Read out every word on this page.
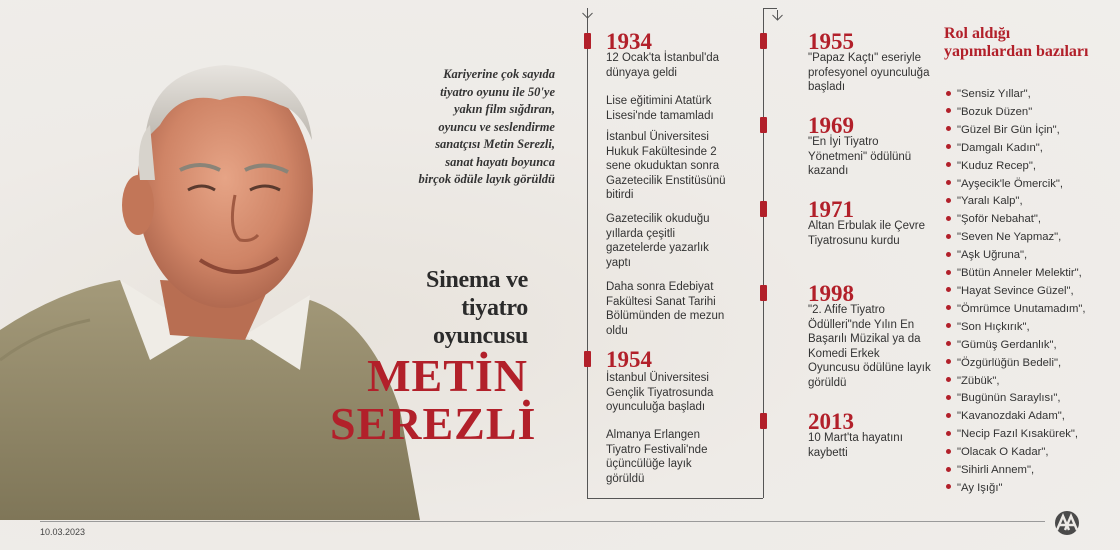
Kariyerine çok sayıda tiyatro oyunu ile 50'ye yakın film sığdıran, oyuncu ve seslendirme sanatçısı Metin Serezli, sanat hayatı boyunca birçok ödüle layık görüldü
Sinema ve tiyatro oyuncusu
METİN SEREZLİ
1934
12 Ocak'ta İstanbul'da dünyaya geldi
Lise eğitimini Atatürk Lisesi'nde tamamladı
İstanbul Üniversitesi Hukuk Fakültesinde 2 sene okuduktan sonra Gazetecilik Enstitüsünü bitirdi
Gazetecilik okuduğu yıllarda çeşitli gazetelerde yazarlık yaptı
Daha sonra Edebiyat Fakültesi Sanat Tarihi Bölümünden de mezun oldu
1954
İstanbul Üniversitesi Gençlik Tiyatrosunda oyunculuğa başladı
Almanya Erlangen Tiyatro Festivali'nde üçüncülüğe layık görüldü
1955
"Papaz Kaçtı" eseriyle profesyonel oyunculuğa başladı
1969
"En İyi Tiyatro Yönetmeni" ödülünü kazandı
1971
Altan Erbulak ile Çevre Tiyatrosunu kurdu
1998
"2. Afife Tiyatro Ödülleri"nde Yılın En Başarılı Müzikal ya da Komedi Erkek Oyuncusu ödülüne layık görüldü
2013
10 Mart'ta hayatını kaybetti
Rol aldığı yapımlardan bazıları
"Sensiz Yıllar",
"Bozuk Düzen"
"Güzel Bir Gün İçin",
"Damgalı Kadın",
"Kuduz Recep",
"Ayşecik'le Ömercik",
"Yaralı Kalp",
"Şoför Nebahat",
"Seven Ne Yapmaz",
"Aşk Uğruna",
"Bütün Anneler Melektir",
"Hayat Sevince Güzel",
"Ömrümce Unutamadım",
"Son Hıçkırık",
"Gümüş Gerdanlık",
"Özgürlüğün Bedeli",
"Zübük",
"Bugünün Saraylısı",
"Kavanozdaki Adam",
"Necip Fazıl Kısakürek",
"Olacak O Kadar",
"Sihirli Annem",
"Ay Işığı"
10.03.2023
